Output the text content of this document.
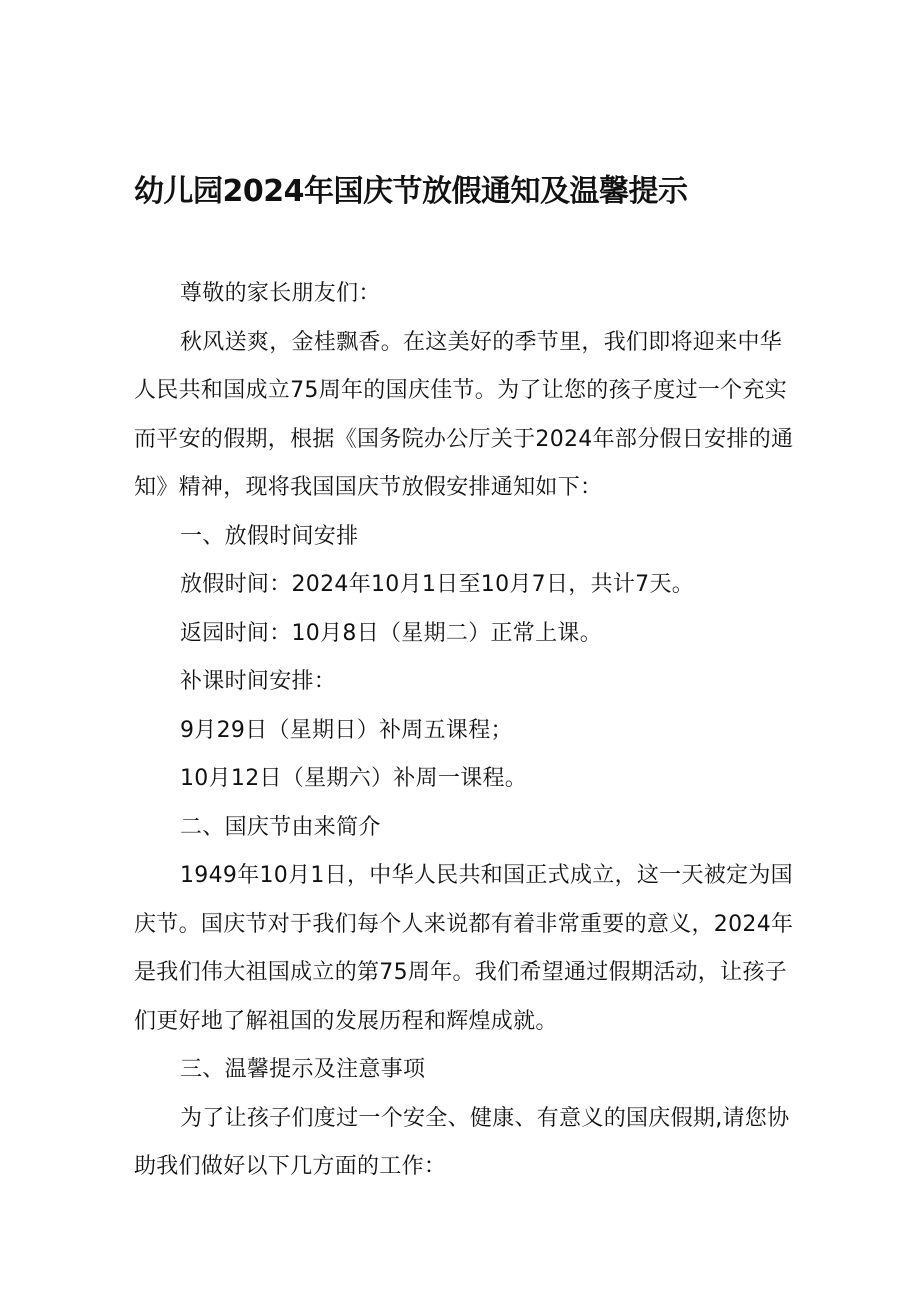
幼儿园2024年国庆节放假通知及温馨提示

尊敬的家长朋友们：

秋风送爽，金桂飘香。在这美好的季节里，我们即将迎来中华人民共和国成立75周年的国庆佳节。为了让您的孩子度过一个充实而平安的假期，根据《国务院办公厅关于2024年部分假日安排的通知》精神，现将我国国庆节放假安排通知如下：

一、放假时间安排

放假时间：2024年10月1日至10月7日，共计7天。

返园时间：10月8日（星期二）正常上课。

补课时间安排：

9月29日（星期日）补周五课程；

10月12日（星期六）补周一课程。

二、国庆节由来简介

1949年10月1日，中华人民共和国正式成立，这一天被定为国庆节。国庆节对于我们每个人来说都有着非常重要的意义，2024年是我们伟大祖国成立的第75周年。我们希望通过假期活动，让孩子们更好地了解祖国的发展历程和辉煌成就。

三、温馨提示及注意事项

为了让孩子们度过一个安全、健康、有意义的国庆假期,请您协助我们做好以下几方面的工作：
